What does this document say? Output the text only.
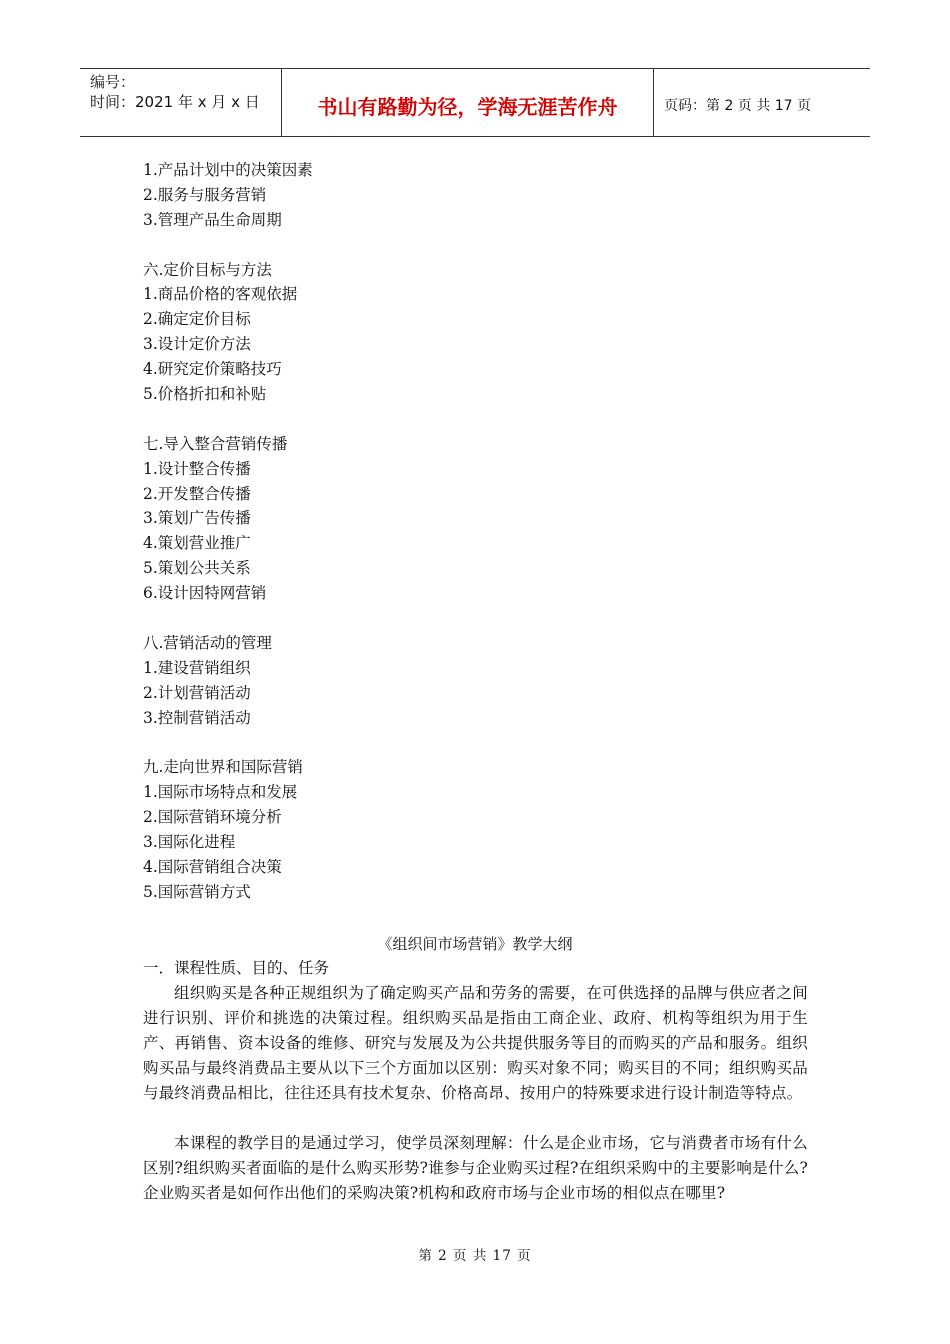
编号：
时间：2021 年 x 月 x 日	书山有路勤为径，学海无涯苦作舟	页码：第 2 页 共 17 页
1.产品计划中的决策因素
2.服务与服务营销
3.管理产品生命周期
六.定价目标与方法
1.商品价格的客观依据
2.确定定价目标
3.设计定价方法
4.研究定价策略技巧
5.价格折扣和补贴
七.导入整合营销传播
1.设计整合传播
2.开发整合传播
3.策划广告传播
4.策划营业推广
5.策划公共关系
6.设计因特网营销
八.营销活动的管理
1.建设营销组织
2.计划营销活动
3.控制营销活动
九.走向世界和国际营销
1.国际市场特点和发展
2.国际营销环境分析
3.国际化进程
4.国际营销组合决策
5.国际营销方式
《组织间市场营销》教学大纲
一．课程性质、目的、任务

组织购买是各种正规组织为了确定购买产品和劳务的需要，在可供选择的品牌与供应者之间进行识别、评价和挑选的决策过程。组织购买品是指由工商企业、政府、机构等组织为用于生产、再销售、资本设备的维修、研究与发展及为公共提供服务等目的而购买的产品和服务。组织购买品与最终消费品主要从以下三个方面加以区别：购买对象不同；购买目的不同；组织购买品与最终消费品相比，往往还具有技术复杂、价格高昂、按用户的特殊要求进行设计制造等特点。

本课程的教学目的是通过学习，使学员深刻理解：什么是企业市场，它与消费者市场有什么区别?组织购买者面临的是什么购买形势?谁参与企业购买过程?在组织采购中的主要影响是什么?企业购买者是如何作出他们的采购决策?机构和政府市场与企业市场的相似点在哪里?

第 2 页 共 17 页
